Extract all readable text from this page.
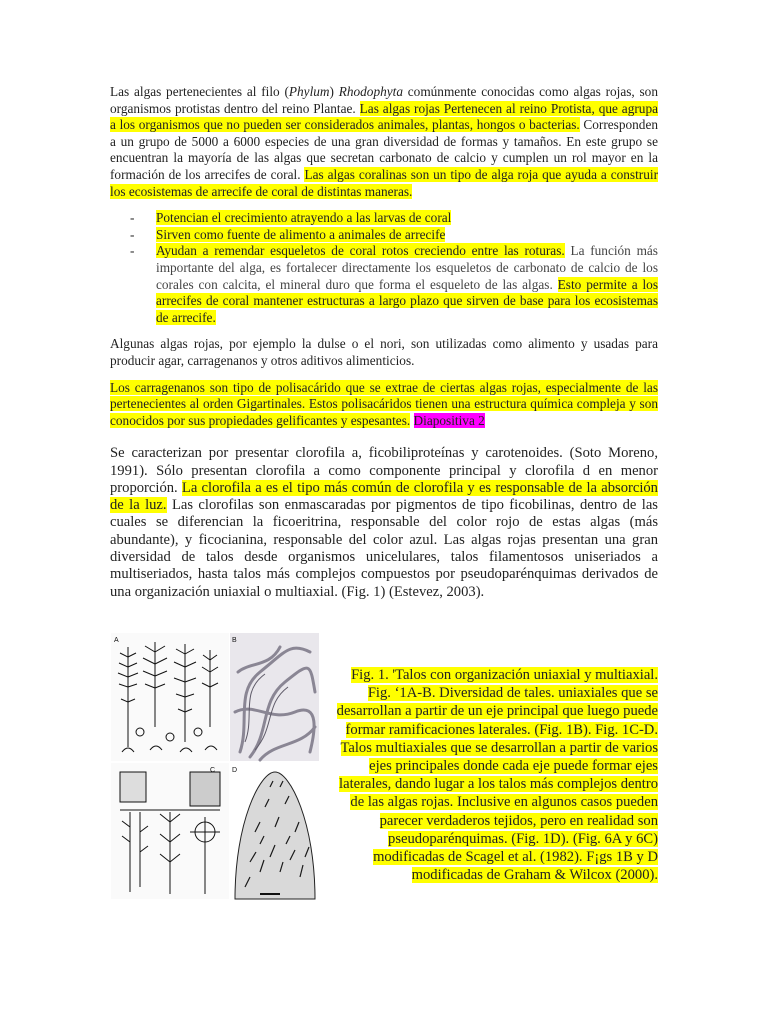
Las algas pertenecientes al filo (Phylum) Rhodophyta comúnmente conocidas como algas rojas, son organismos protistas dentro del reino Plantae. Las algas rojas Pertenecen al reino Protista, que agrupa a los organismos que no pueden ser considerados animales, plantas, hongos o bacterias. Corresponden a un grupo de 5000 a 6000 especies de una gran diversidad de formas y tamaños. En este grupo se encuentran la mayoría de las algas que secretan carbonato de calcio y cumplen un rol mayor en la formación de los arrecifes de coral. Las algas coralinas son un tipo de alga roja que ayuda a construir los ecosistemas de arrecife de coral de distintas maneras.

- Potencian el crecimiento atrayendo a las larvas de coral
- Sirven como fuente de alimento a animales de arrecife
- Ayudan a remendar esqueletos de coral rotos creciendo entre las roturas. La función más importante del alga, es fortalecer directamente los esqueletos de carbonato de calcio de los corales con calcita, el mineral duro que forma el esqueleto de las algas. Esto permite a los arrecifes de coral mantener estructuras a largo plazo que sirven de base para los ecosistemas de arrecife.

Algunas algas rojas, por ejemplo la dulse o el nori, son utilizadas como alimento y usadas para producir agar, carragenanos y otros aditivos alimenticios.

Los carragenanos son tipo de polisacárido que se extrae de ciertas algas rojas, especialmente de las pertenecientes al orden Gigartinales. Estos polisacáridos tienen una estructura química compleja y son conocidos por sus propiedades gelificantes y espesantes. Diapositiva 2

Se caracterizan por presentar clorofila a, ficobiliproteínas y carotenoides. (Soto Moreno, 1991). Sólo presentan clorofila a como componente principal y clorofila d en menor proporción. La clorofila a es el tipo más común de clorofila y es responsable de la absorción de la luz. Las clorofilas son enmascaradas por pigmentos de tipo ficobilinas, dentro de las cuales se diferencian la ficoeritrina, responsable del color rojo de estas algas (más abundante), y ficocianina, responsable del color azul. Las algas rojas presentan una gran diversidad de talos desde organismos unicelulares, talos filamentosos uniseriados a multiseriados, hasta talos más complejos compuestos por pseudoparénquimas derivados de una organización uniaxial o multiaxial. (Fig. 1) (Estevez, 2003).

A	B
C D
Fig. 1. 'Talos con organización uniaxial y multiaxial. Fig. ‘1A-B. Diversidad de tales. uniaxiales que se desarrollan a partir de un eje principal que luego puede formar ramificaciones laterales. (Fig. 1B). Fig. 1C-D. Talos multiaxiales que se desarrollan a partir de varios ejes principales donde cada eje puede formar ejes laterales, dando lugar a los talos más complejos dentro de las algas rojas. Inclusive en algunos casos pueden parecer verdaderos tejidos, pero en realidad son pseudoparénquimas. (Fig. 1D). (Fig. 6A y 6C) modificadas de Scagel et al. (1982). F¡gs 1B y D modificadas de Graham & Wilcox (2000).
